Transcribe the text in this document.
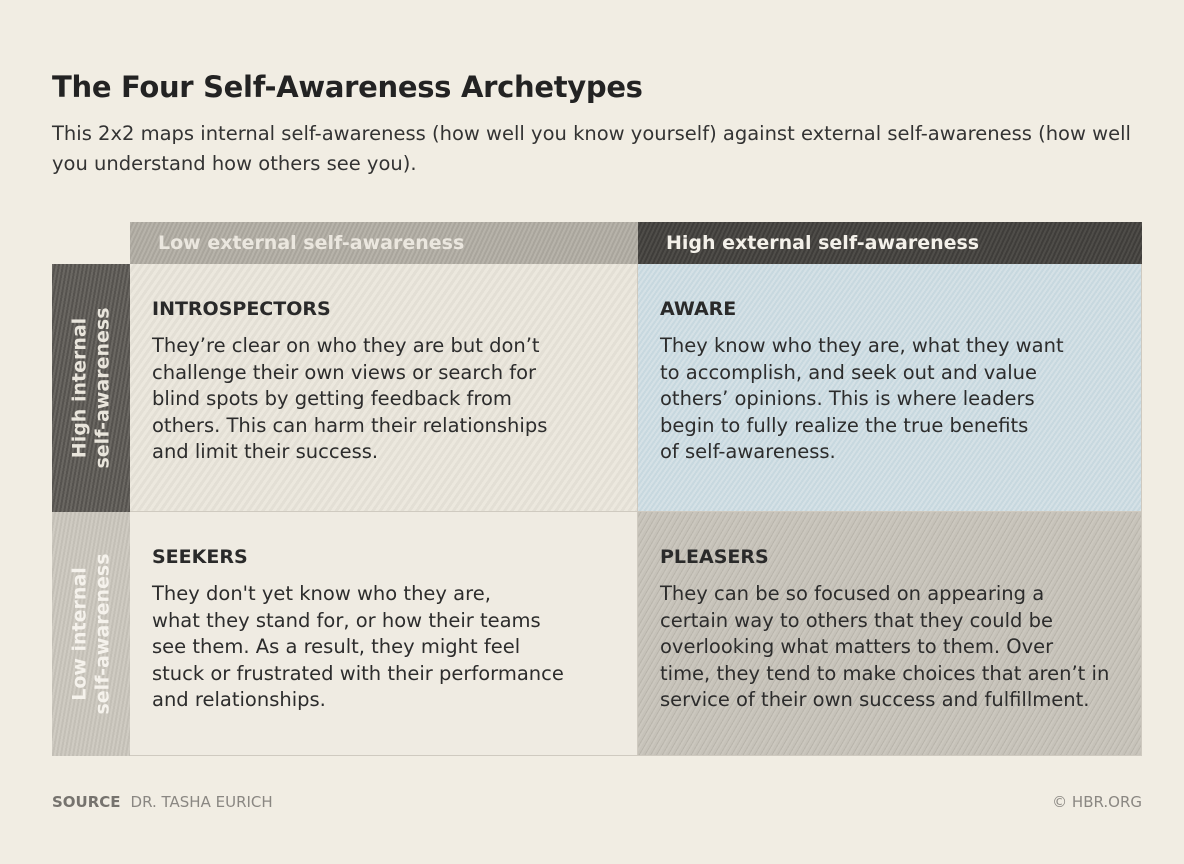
The Four Self-Awareness Archetypes
This 2x2 maps internal self-awareness (how well you know yourself) against external self-awareness (how well you understand how others see you).
Low external self-awareness	High external self-awareness
High internal self-awareness
Low internal self-awareness
INTROSPECTORS
They’re clear on who they are but don’t
challenge their own views or search for
blind spots by getting feedback from
others. This can harm their relationships
and limit their success.
AWARE
They know who they are, what they want
to accomplish, and seek out and value
others’ opinions. This is where leaders
begin to fully realize the true benefits
of self-awareness.
SEEKERS
They don't yet know who they are,
what they stand for, or how their teams
see them. As a result, they might feel
stuck or frustrated with their performance
and relationships.
PLEASERS
They can be so focused on appearing a
certain way to others that they could be
overlooking what matters to them. Over
time, they tend to make choices that aren’t in
service of their own success and fulfillment.
SOURCE DR. TASHA EURICH	© HBR.ORG
